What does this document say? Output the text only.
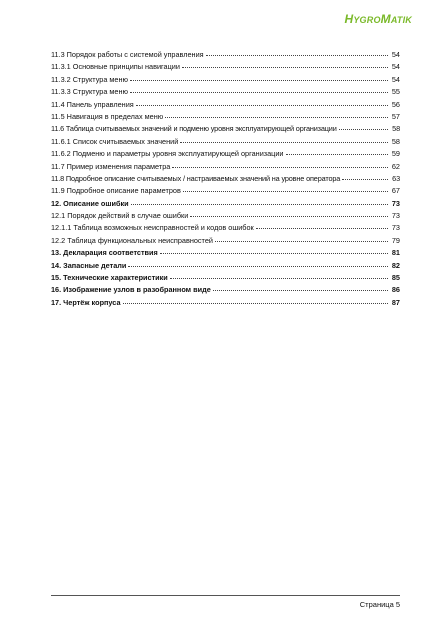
HYGROMATIK
11.3 Порядок работы с системой управления	54
11.3.1 Основные принципы навигации	54
11.3.2 Структура меню	54
11.3.3 Структура меню	55
11.4 Панель управления	56
11.5 Навигация в пределах меню	57
11.6 Таблица считываемых значений и подменю уровня эксплуатирующей организации	58
11.6.1 Список считываемых значений	58
11.6.2 Подменю и параметры уровня эксплуатирующей организации	59
11.7 Пример изменения параметра	62
11.8 Подробное описание считываемых / настраиваемых значений на уровне оператора	63
11.9 Подробное описание параметров	67
12. Описание ошибки	73
12.1 Порядок действий в случае ошибки	73
12.1.1 Таблица возможных неисправностей и кодов ошибок	73
12.2 Таблица функциональных неисправностей	79
13. Декларация соответствия	81
14. Запасные детали	82
15. Технические характеристики	85
16. Изображение узлов в разобранном виде	86
17. Чертёж корпуса	87
Страница 5
